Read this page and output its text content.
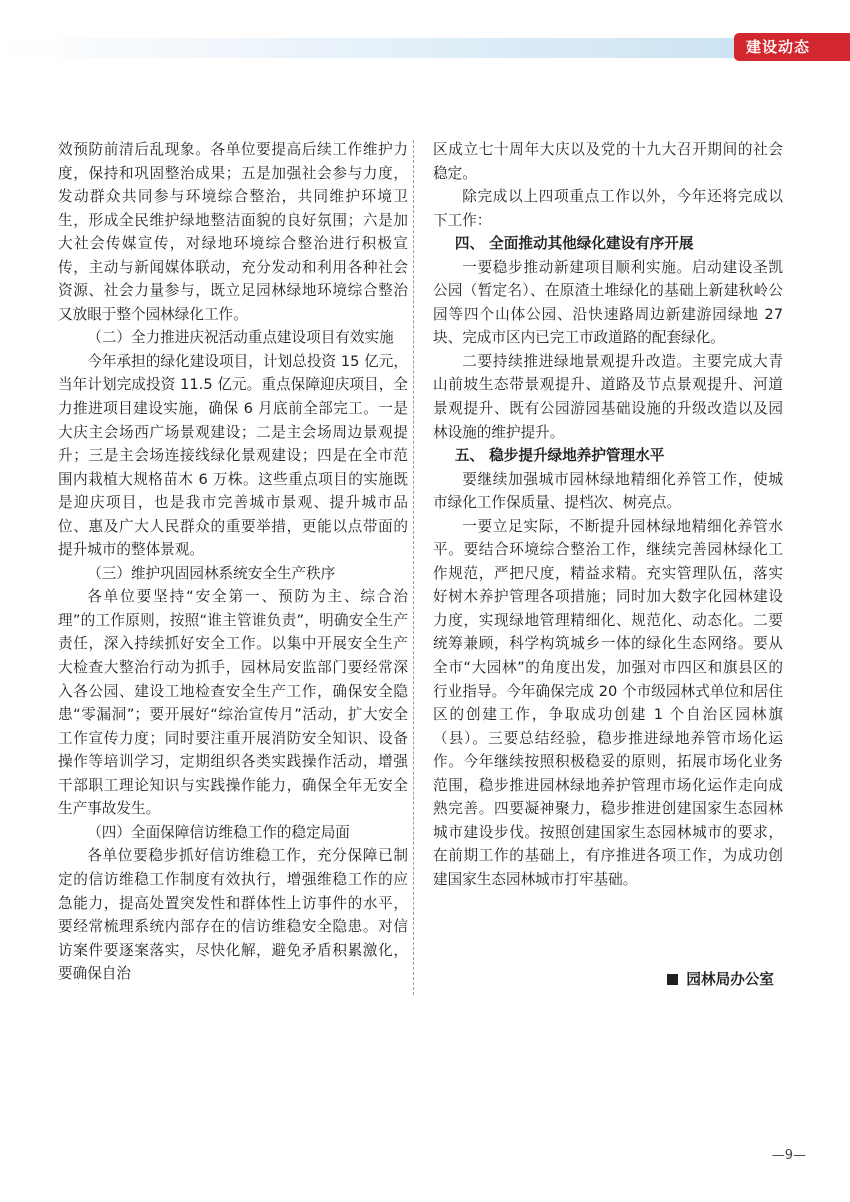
建设动态

效预防前清后乱现象。各单位要提高后续工作维护力度，保持和巩固整治成果；五是加强社会参与力度，发动群众共同参与环境综合整治，共同维护环境卫生，形成全民维护绿地整洁面貌的良好氛围；六是加大社会传媒宣传，对绿地环境综合整治进行积极宣传，主动与新闻媒体联动，充分发动和利用各种社会资源、社会力量参与，既立足园林绿地环境综合整治又放眼于整个园林绿化工作。

（二）全力推进庆祝活动重点建设项目有效实施

今年承担的绿化建设项目，计划总投资 15 亿元，当年计划完成投资 11.5 亿元。重点保障迎庆项目，全力推进项目建设实施，确保 6 月底前全部完工。一是大庆主会场西广场景观建设；二是主会场周边景观提升；三是主会场连接线绿化景观建设；四是在全市范围内栽植大规格苗木 6 万株。这些重点项目的实施既是迎庆项目，也是我市完善城市景观、提升城市品位、惠及广大人民群众的重要举措，更能以点带面的提升城市的整体景观。

（三）维护巩固园林系统安全生产秩序

各单位要坚持“安全第一、预防为主、综合治理”的工作原则，按照“谁主管谁负责”，明确安全生产责任，深入持续抓好安全工作。以集中开展安全生产大检查大整治行动为抓手，园林局安监部门要经常深入各公园、建设工地检查安全生产工作，确保安全隐患“零漏洞”；要开展好“综治宣传月”活动，扩大安全工作宣传力度；同时要注重开展消防安全知识、设备操作等培训学习，定期组织各类实践操作活动，增强干部职工理论知识与实践操作能力，确保全年无安全生产事故发生。

（四）全面保障信访维稳工作的稳定局面

各单位要稳步抓好信访维稳工作，充分保障已制定的信访维稳工作制度有效执行，增强维稳工作的应急能力，提高处置突发性和群体性上访事件的水平，要经常梳理系统内部存在的信访维稳安全隐患。对信访案件要逐案落实，尽快化解，避免矛盾积累激化，要确保自治

区成立七十周年大庆以及党的十九大召开期间的社会稳定。

除完成以上四项重点工作以外，今年还将完成以下工作：

四、 全面推动其他绿化建设有序开展

一要稳步推动新建项目顺利实施。启动建设圣凯公园（暂定名）、在原渣土堆绿化的基础上新建秋岭公园等四个山体公园、沿快速路周边新建游园绿地 27 块、完成市区内已完工市政道路的配套绿化。

二要持续推进绿地景观提升改造。主要完成大青山前坡生态带景观提升、道路及节点景观提升、河道景观提升、既有公园游园基础设施的升级改造以及园林设施的维护提升。

五、 稳步提升绿地养护管理水平

要继续加强城市园林绿地精细化养管工作，使城市绿化工作保质量、提档次、树亮点。

一要立足实际，不断提升园林绿地精细化养管水平。要结合环境综合整治工作，继续完善园林绿化工作规范，严把尺度，精益求精。充实管理队伍，落实好树木养护管理各项措施；同时加大数字化园林建设力度，实现绿地管理精细化、规范化、动态化。二要统筹兼顾，科学构筑城乡一体的绿化生态网络。要从全市“大园林”的角度出发，加强对市四区和旗县区的行业指导。今年确保完成 20 个市级园林式单位和居住区的创建工作，争取成功创建 1 个自治区园林旗（县）。三要总结经验，稳步推进绿地养管市场化运作。今年继续按照积极稳妥的原则，拓展市场化业务范围，稳步推进园林绿地养护管理市场化运作走向成熟完善。四要凝神聚力，稳步推进创建国家生态园林城市建设步伐。按照创建国家生态园林城市的要求，在前期工作的基础上，有序推进各项工作，为成功创建国家生态园林城市打牢基础。

园林局办公室
—9—
